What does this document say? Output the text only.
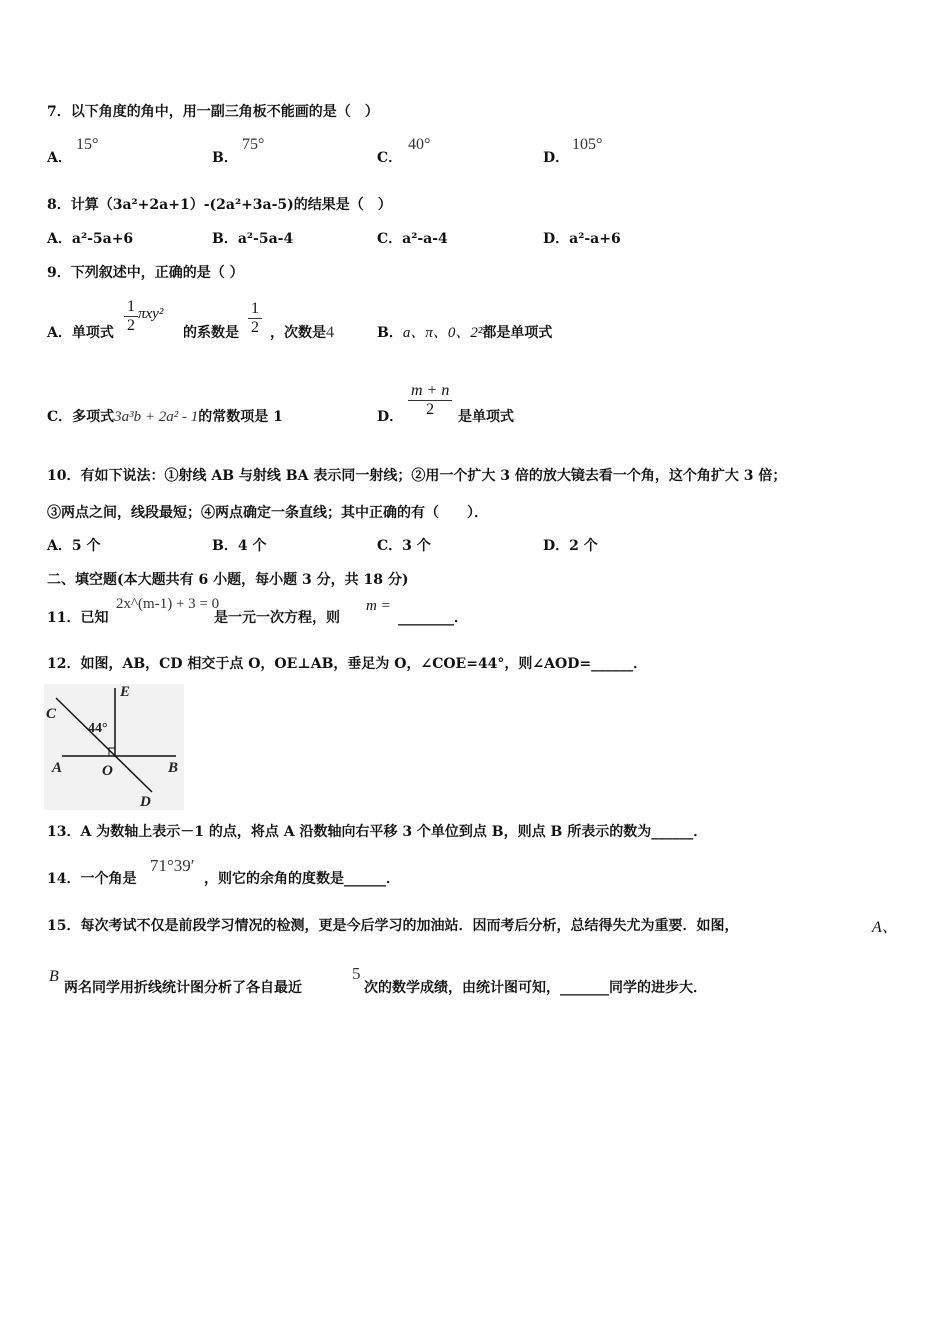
7．以下角度的角中，用一副三角板不能画的是（　）
A．
15°
B．
75°
C．
40°
D．
105°
8．计算（3a²+2a+1）-(2a²+3a-5)的结果是（　）
A．a²-5a+6	B．a²-5a-4	C．a²-a-4	D．a²-a+6
9．下列叙述中，正确的是（ ）
A．单项式 $\frac{1}{2} \pi xy^2$
的系数是 $\frac{1}{2}$ ，次数是4	B．a、π、0、2²都是单项式
C．多项式3a³b + 2a² - 1的常数项是 1	D． $\frac{m + n}{2}$ 是单项式
10．有如下说法：①射线 AB 与射线 BA 表示同一射线；②用一个扩大 3 倍的放大镜去看一个角，这个角扩大 3 倍；
③两点之间，线段最短；④两点确定一条直线；其中正确的有（　　）．
A．5 个	B．4 个	C．3 个	D．2 个
二、填空题(本大题共有 6 小题，每小题 3 分，共 18 分)
11．已知
2x^(m-1) + 3 = 0
是一元一次方程，则
m =
________．
12．如图，AB，CD 相交于点 O，OE⊥AB，垂足为 O，∠COE=44°，则∠AOD=______．
C
E
44°
A	O	B
D
13．A 为数轴上表示－1 的点，将点 A 沿数轴向右平移 3 个单位到点 B，则点 B 所表示的数为______．
14．一个角是
71°39′
，则它的余角的度数是______．
15．每次考试不仅是前段学习情况的检测，更是今后学习的加油站．因而考后分析，总结得失尤为重要．如图，	A、
B
两名同学用折线统计图分析了各自最近
5
次的数学成绩，由统计图可知，_______同学的进步大．
